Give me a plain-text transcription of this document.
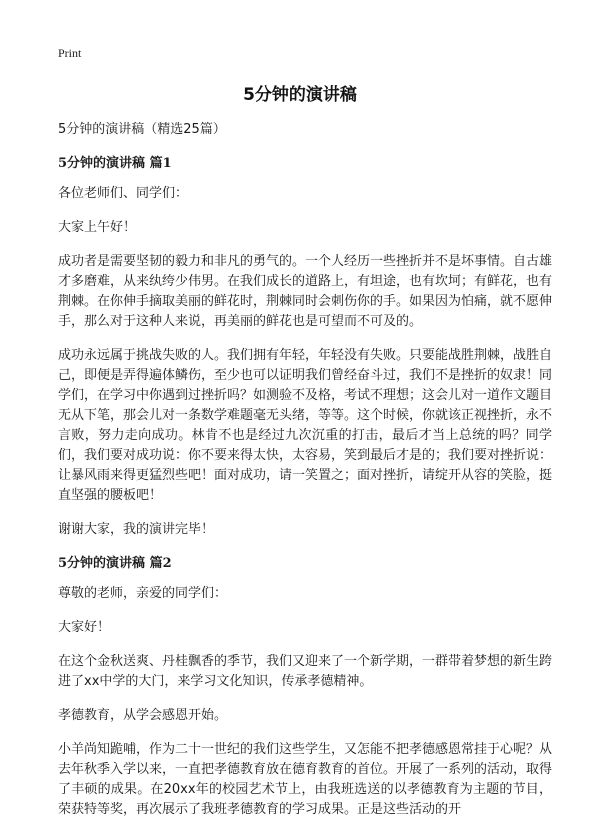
Print
5分钟的演讲稿

5分钟的演讲稿（精选25篇）

5分钟的演讲稿 篇1

各位老师们、同学们：

大家上午好！

成功者是需要坚韧的毅力和非凡的勇气的。一个人经历一些挫折并不是坏事情。自古雄才多磨难，从来纨绔少伟男。在我们成长的道路上，有坦途，也有坎坷；有鲜花，也有荆棘。在你伸手摘取美丽的鲜花时，荆棘同时会刺伤你的手。如果因为怕痛，就不愿伸手，那么对于这种人来说，再美丽的鲜花也是可望而不可及的。

成功永远属于挑战失败的人。我们拥有年轻，年轻没有失败。只要能战胜荆棘，战胜自己，即便是弄得遍体鳞伤，至少也可以证明我们曾经奋斗过，我们不是挫折的奴隶！同学们，在学习中你遇到过挫折吗？如测验不及格，考试不理想；这会儿对一道作文题目无从下笔，那会儿对一条数学难题毫无头绪，等等。这个时候，你就该正视挫折，永不言败，努力走向成功。林肯不也是经过九次沉重的打击，最后才当上总统的吗？同学们，我们要对成功说：你不要来得太快，太容易，笑到最后才是的；我们要对挫折说：让暴风雨来得更猛烈些吧！面对成功，请一笑置之；面对挫折，请绽开从容的笑脸，挺直坚强的腰板吧！

谢谢大家，我的演讲完毕！

5分钟的演讲稿 篇2

尊敬的老师，亲爱的同学们：

大家好！

在这个金秋送爽、丹桂飘香的季节，我们又迎来了一个新学期，一群带着梦想的新生跨进了xx中学的大门，来学习文化知识，传承孝德精神。

孝德教育，从学会感恩开始。

小羊尚知跪哺，作为二十一世纪的我们这些学生，又怎能不把孝德感恩常挂于心呢？从去年秋季入学以来，一直把孝德教育放在德育教育的首位。开展了一系列的活动，取得了丰硕的成果。在20xx年的校园艺术节上，由我班选送的以孝德教育为主题的节目，荣获特等奖，再次展示了我班孝德教育的学习成果。正是这些活动的开
